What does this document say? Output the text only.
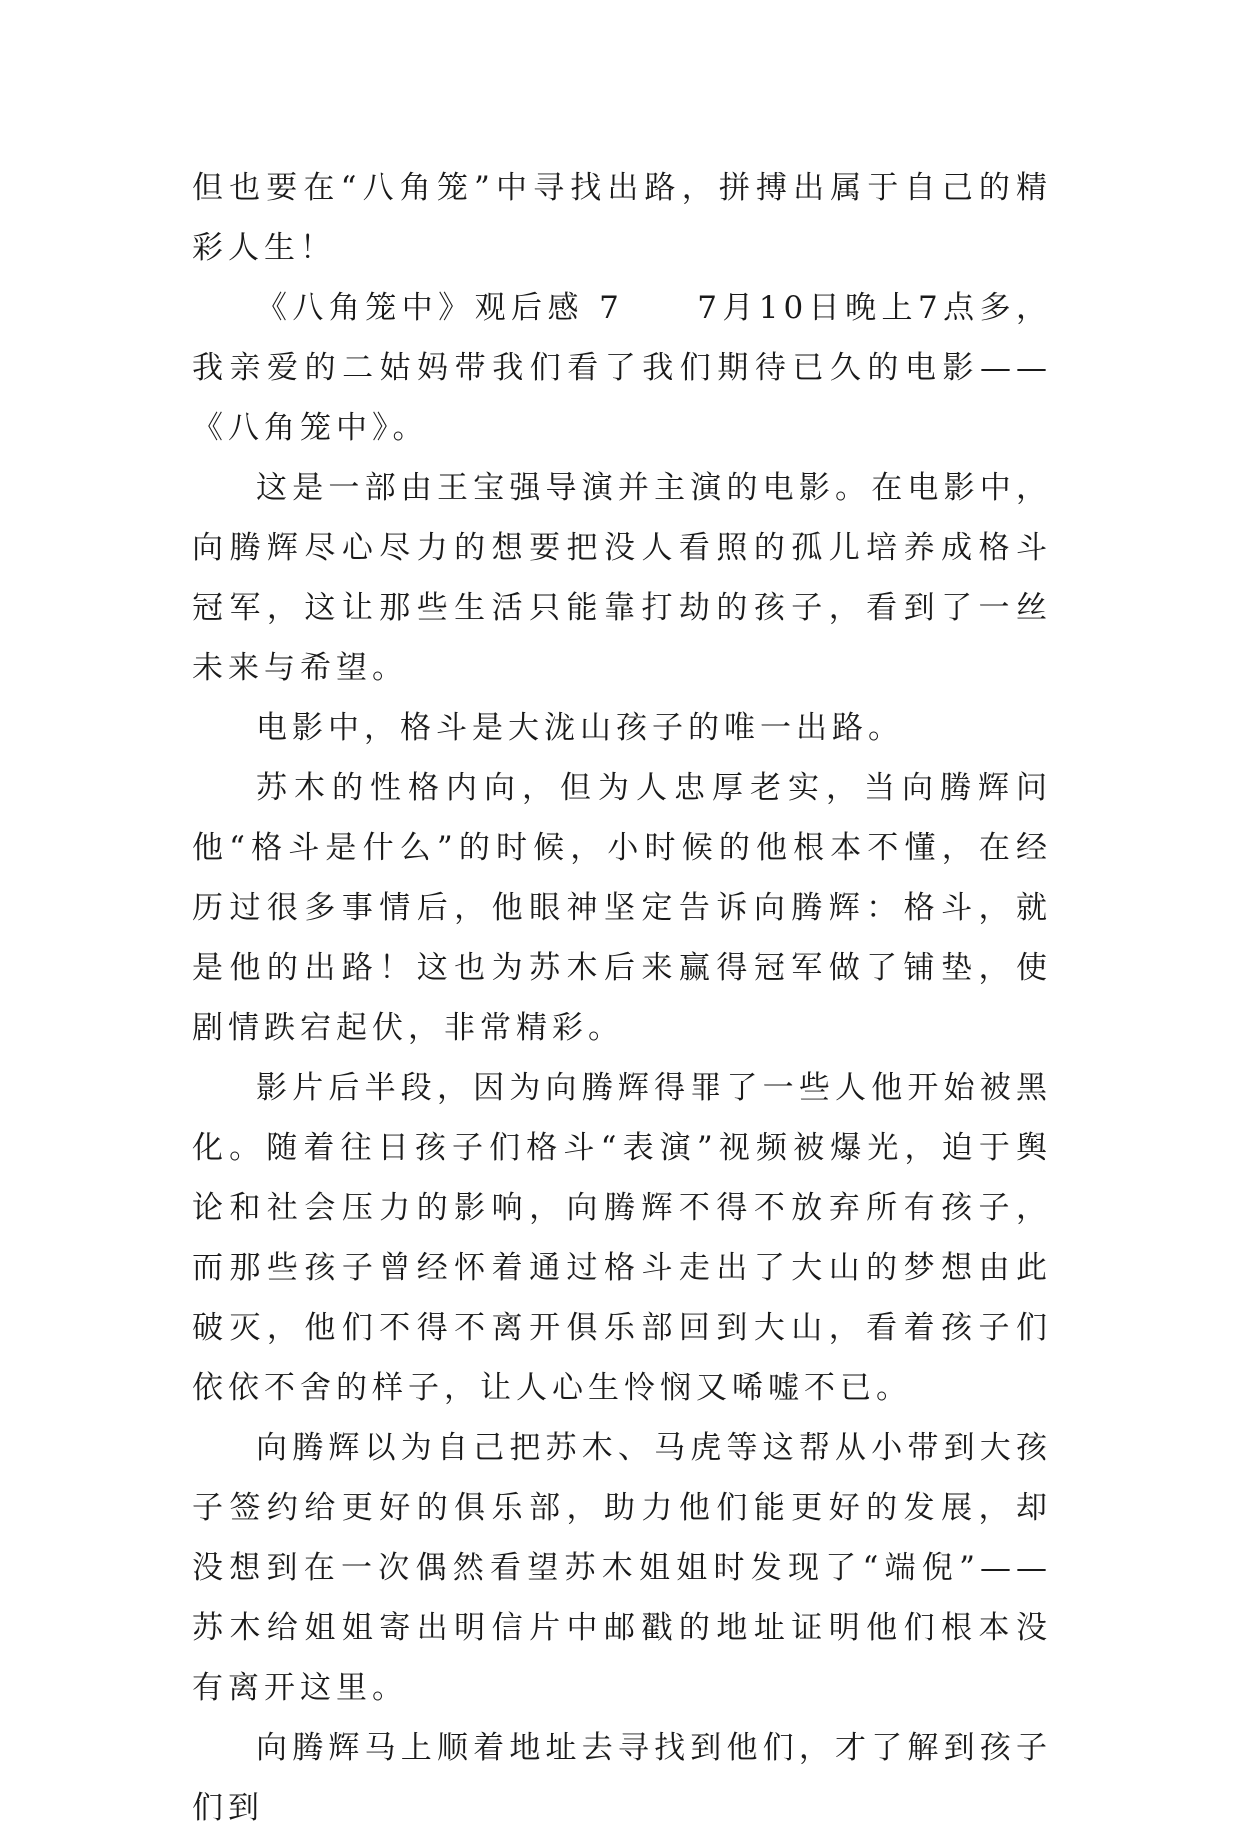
但也要在“八角笼”中寻找出路，拼搏出属于自己的精彩人生！

《八角笼中》观后感 7　　7月10日晚上7点多，我亲爱的二姑妈带我们看了我们期待已久的电影——《八角笼中》。

这是一部由王宝强导演并主演的电影。在电影中，向腾辉尽心尽力的想要把没人看照的孤儿培养成格斗冠军，这让那些生活只能靠打劫的孩子，看到了一丝未来与希望。

电影中，格斗是大泷山孩子的唯一出路。

苏木的性格内向，但为人忠厚老实，当向腾辉问他“格斗是什么”的时候，小时候的他根本不懂，在经历过很多事情后，他眼神坚定告诉向腾辉：格斗，就是他的出路！这也为苏木后来赢得冠军做了铺垫，使剧情跌宕起伏，非常精彩。

影片后半段，因为向腾辉得罪了一些人他开始被黑化。随着往日孩子们格斗“表演”视频被爆光，迫于舆论和社会压力的影响，向腾辉不得不放弃所有孩子，而那些孩子曾经怀着通过格斗走出了大山的梦想由此破灭，他们不得不离开俱乐部回到大山，看着孩子们依依不舍的样子，让人心生怜悯又唏嘘不已。

向腾辉以为自己把苏木、马虎等这帮从小带到大孩子签约给更好的俱乐部，助力他们能更好的发展，却没想到在一次偶然看望苏木姐姐时发现了“端倪”——苏木给姐姐寄出明信片中邮戳的地址证明他们根本没有离开这里。

向腾辉马上顺着地址去寻找到他们，才了解到孩子们到
